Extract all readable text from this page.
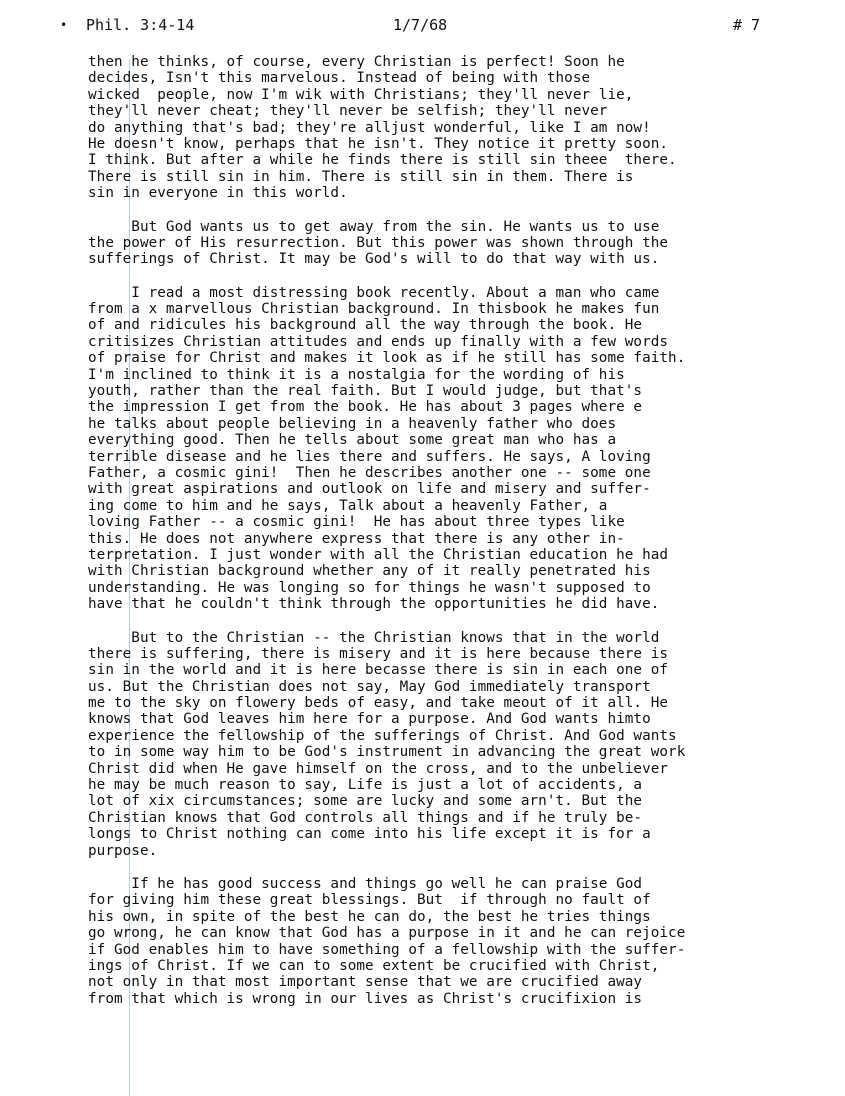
• Phil. 3:4-14	1/7/68	# 7
then he thinks, of course, every Christian is perfect! Soon he
decides, Isn't this marvelous. Instead of being with those
wicked  people, now I'm wik with Christians; they'll never lie,
they'll never cheat; they'll never be selfish; they'll never
do anything that's bad; they're alljust wonderful, like I am now!
He doesn't know, perhaps that he isn't. They notice it pretty soon.
I think. But after a while he finds there is still sin theee  there.
There is still sin in him. There is still sin in them. There is
sin in everyone in this world.
But God wants us to get away from the sin. He wants us to use
the power of His resurrection. But this power was shown through the
sufferings of Christ. It may be God's will to do that way with us.
I read a most distressing book recently. About a man who came
from a x marvellous Christian background. In thisbook he makes fun
of and ridicules his background all the way through the book. He
critisizes Christian attitudes and ends up finally with a few words
of praise for Christ and makes it look as if he still has some faith.
I'm inclined to think it is a nostalgia for the wording of his
youth, rather than the real faith. But I would judge, but that's
the impression I get from the book. He has about 3 pages where e
he talks about people believing in a heavenly father who does
everything good. Then he tells about some great man who has a
terrible disease and he lies there and suffers. He says, A loving
Father, a cosmic gini!  Then he describes another one -- some one
with great aspirations and outlook on life and misery and suffer-
ing come to him and he says, Talk about a heavenly Father, a
loving Father -- a cosmic gini!  He has about three types like
this. He does not anywhere express that there is any other in-
terpretation. I just wonder with all the Christian education he had
with Christian background whether any of it really penetrated his
understanding. He was longing so for things he wasn't supposed to
have that he couldn't think through the opportunities he did have.
But to the Christian -- the Christian knows that in the world
there is suffering, there is misery and it is here because there is
sin in the world and it is here becasse there is sin in each one of
us. But the Christian does not say, May God immediately transport
me to the sky on flowery beds of easy, and take meout of it all. He
knows that God leaves him here for a purpose. And God wants himto
experience the fellowship of the sufferings of Christ. And God wants
to in some way him to be God's instrument in advancing the great work
Christ did when He gave himself on the cross, and to the unbeliever
he may be much reason to say, Life is just a lot of accidents, a
lot of xix circumstances; some are lucky and some arn't. But the
Christian knows that God controls all things and if he truly be-
longs to Christ nothing can come into his life except it is for a
purpose.
If he has good success and things go well he can praise God
for giving him these great blessings. But  if through no fault of
his own, in spite of the best he can do, the best he tries things
go wrong, he can know that God has a purpose in it and he can rejoice
if God enables him to have something of a fellowship with the suffer-
ings of Christ. If we can to some extent be crucified with Christ,
not only in that most important sense that we are crucified away
from that which is wrong in our lives as Christ's crucifixion is
